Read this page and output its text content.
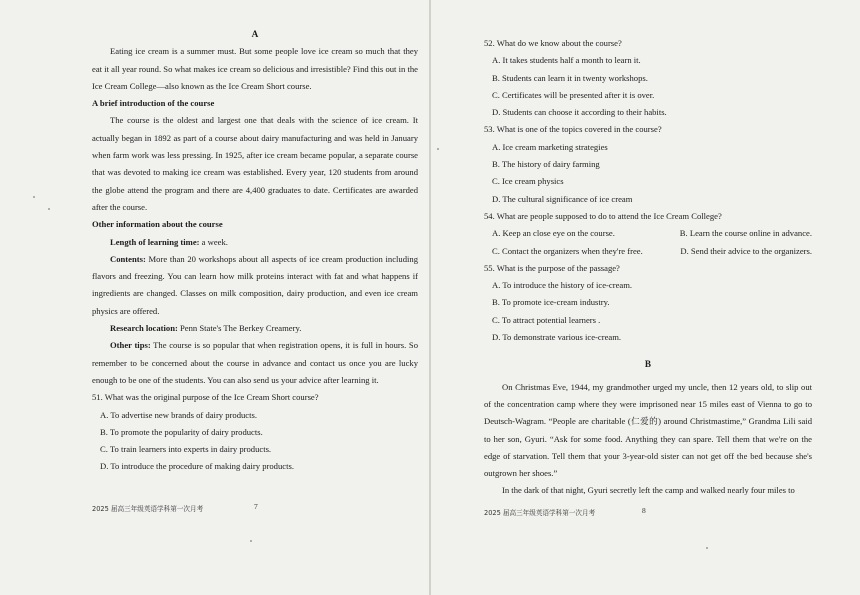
A

Eating ice cream is a summer must. But some people love ice cream so much that they eat it all year round. So what makes ice cream so delicious and irresistible? Find this out in the Ice Cream College—also known as the Ice Cream Short course.

A brief introduction of the course

The course is the oldest and largest one that deals with the science of ice cream. It actually began in 1892 as part of a course about dairy manufacturing and was held in January when farm work was less pressing. In 1925, after ice cream became popular, a separate course that was devoted to making ice cream was established. Every year, 120 students from around the globe attend the program and there are 4,400 graduates to date. Certificates are awarded after the course.

Other information about the course

Length of learning time: a week.

Contents: More than 20 workshops about all aspects of ice cream production including flavors and freezing. You can learn how milk proteins interact with fat and what happens if ingredients are changed. Classes on milk composition, dairy production, and even ice cream physics are offered.

Research location: Penn State's The Berkey Creamery.

Other tips: The course is so popular that when registration opens, it is full in hours. So remember to be concerned about the course in advance and contact us once you are lucky enough to be one of the students. You can also send us your advice after learning it.

51. What was the original purpose of the Ice Cream Short course?

A. To advertise new brands of dairy products.

B. To promote the popularity of dairy products.

C. To train learners into experts in dairy products.

D. To introduce the procedure of making dairy products.

2025 届高三年级英语学科第一次月考	7

52. What do we know about the course?

A. It takes students half a month to learn it.

B. Students can learn it in twenty workshops.

C. Certificates will be presented after it is over.

D. Students can choose it according to their habits.

53. What is one of the topics covered in the course?

A. Ice cream marketing strategies

B. The history of dairy farming

C. Ice cream physics

D. The cultural significance of ice cream

54. What are people supposed to do to attend the Ice Cream College?

A. Keep an close eye on the course.	B. Learn the course online in advance.
C. Contact the organizers when they're free.	D. Send their advice to the organizers.

55. What is the purpose of the passage?

A. To introduce the history of ice-cream.

B. To promote ice-cream industry.

C. To attract potential learners .

D. To demonstrate various ice-cream.

B

On Christmas Eve, 1944, my grandmother urged my uncle, then 12 years old, to slip out of the concentration camp where they were imprisoned near 15 miles east of Vienna to go to Deutsch-Wagram. “People are charitable (仁爱的) around Christmastime,” Grandma Lili said to her son, Gyuri. “Ask for some food. Anything they can spare. Tell them that we're on the edge of starvation. Tell them that your 3-year-old sister can not get off the bed because she's outgrown her shoes.”

In the dark of that night, Gyuri secretly left the camp and walked nearly four miles to

2025 届高三年级英语学科第一次月考	8
